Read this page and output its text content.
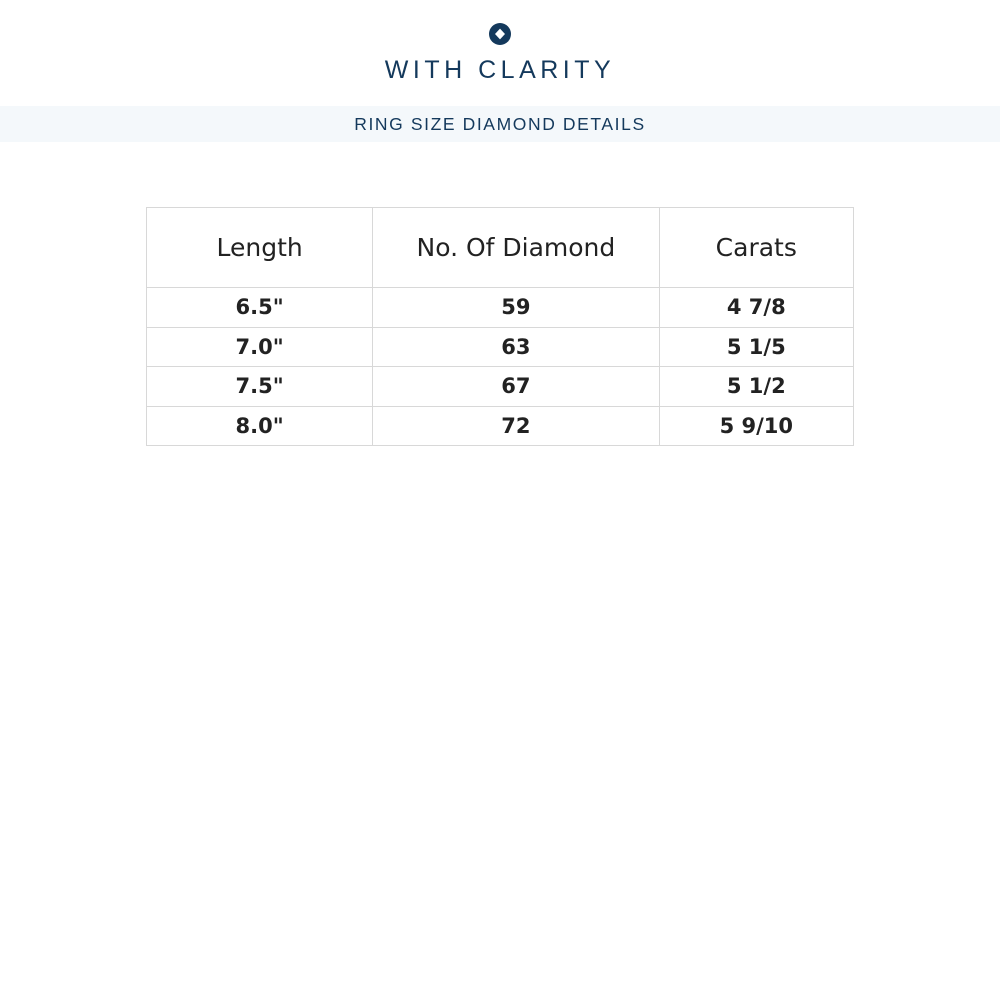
WITH CLARITY
RING SIZE DIAMOND DETAILS
Length	No. Of Diamond	Carats
6.5"	59	4 7/8
7.0"	63	5 1/5
7.5"	67	5 1/2
8.0"	72	5 9/10
